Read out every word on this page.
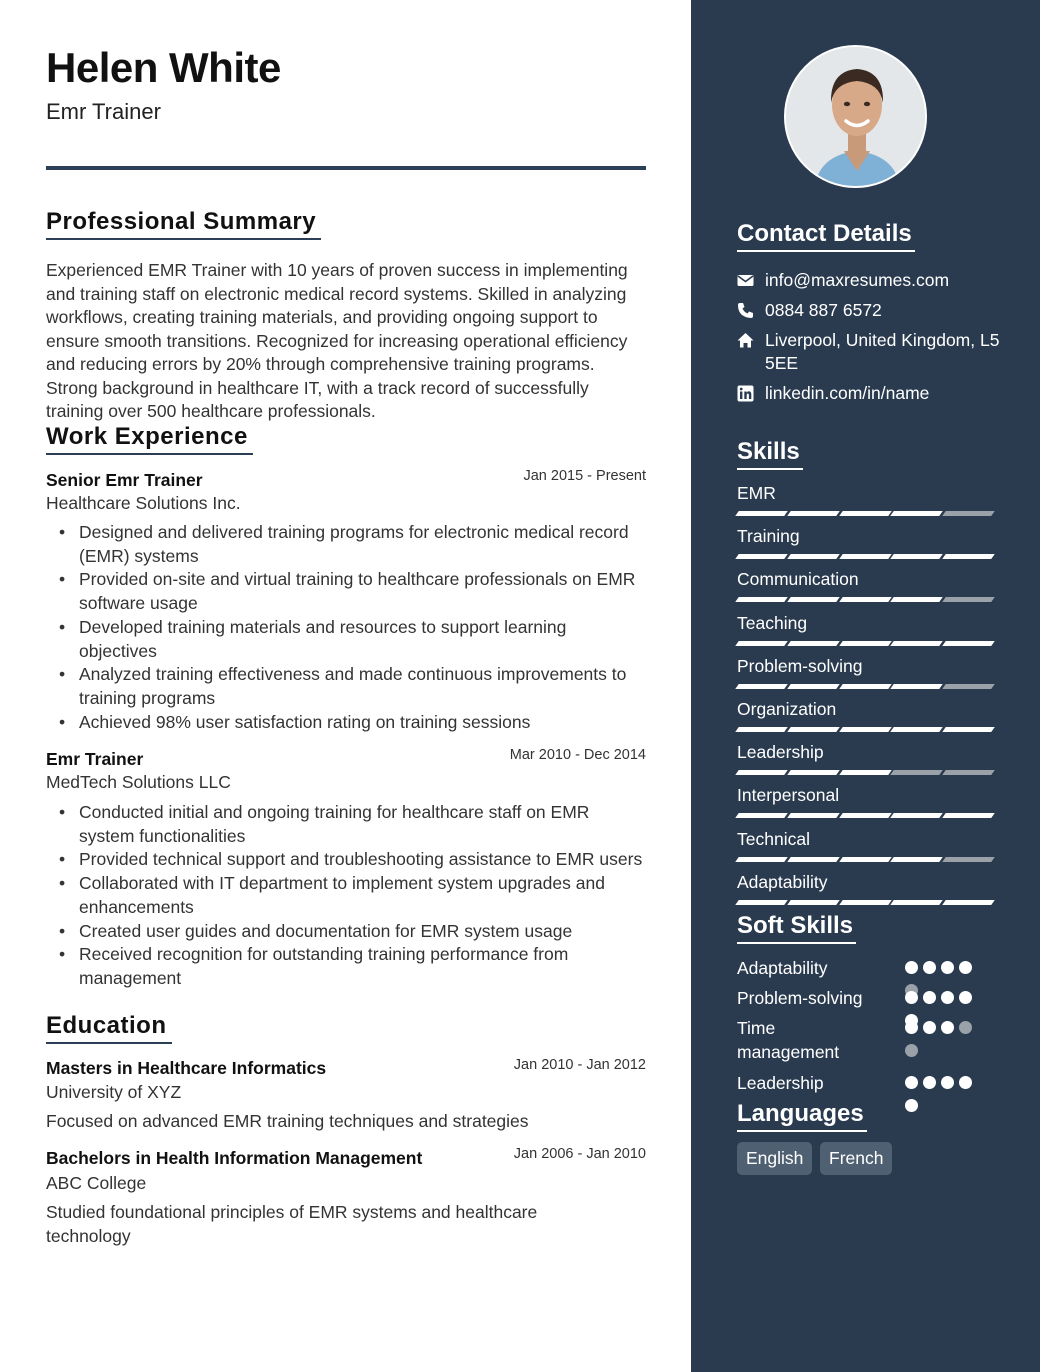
Helen White
Emr Trainer
Professional Summary
Experienced EMR Trainer with 10 years of proven success in implementing and training staff on electronic medical record systems. Skilled in analyzing workflows, creating training materials, and providing ongoing support to ensure smooth transitions. Recognized for increasing operational efficiency and reducing errors by 20% through comprehensive training programs. Strong background in healthcare IT, with a track record of successfully training over 500 healthcare professionals.
Work Experience
Senior Emr Trainer	Jan 2015 - Present
Healthcare Solutions Inc.
• Designed and delivered training programs for electronic medical record (EMR) systems
• Provided on-site and virtual training to healthcare professionals on EMR software usage
• Developed training materials and resources to support learning objectives
• Analyzed training effectiveness and made continuous improvements to training programs
• Achieved 98% user satisfaction rating on training sessions
Emr Trainer	Mar 2010 - Dec 2014
MedTech Solutions LLC
• Conducted initial and ongoing training for healthcare staff on EMR system functionalities
• Provided technical support and troubleshooting assistance to EMR users
• Collaborated with IT department to implement system upgrades and enhancements
• Created user guides and documentation for EMR system usage
• Received recognition for outstanding training performance from management
Education
Masters in Healthcare Informatics	Jan 2010 - Jan 2012
University of XYZ
Focused on advanced EMR training techniques and strategies
Bachelors in Health Information Management	Jan 2006 - Jan 2010
ABC College
Studied foundational principles of EMR systems and healthcare technology
Contact Details
info@maxresumes.com
0884 887 6572
Liverpool, United Kingdom, L5 5EE
linkedin.com/in/name
Skills
EMR
Training
Communication
Teaching
Problem-solving
Organization
Leadership
Interpersonal
Technical
Adaptability
Soft Skills
Adaptability
Problem-solving
Time management
Leadership
Languages
English	French
